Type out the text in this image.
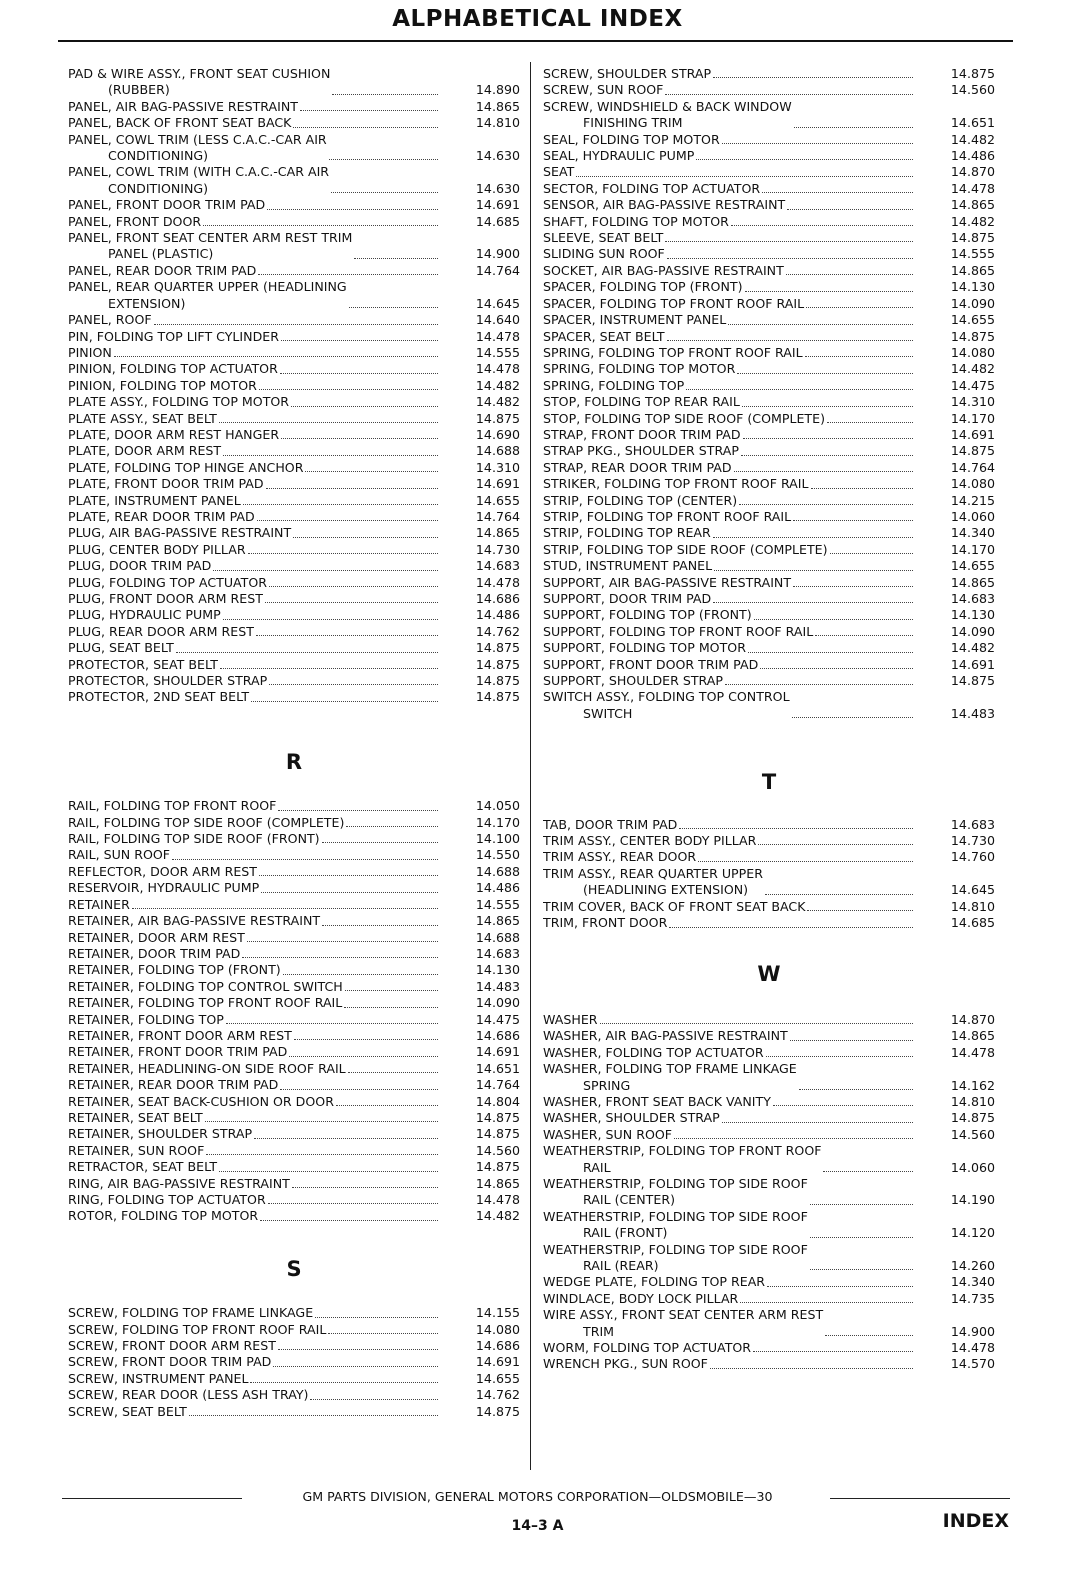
ALPHABETICAL INDEX
PAD & WIRE ASSY., FRONT SEAT CUSHION
(RUBBER)	14.890
PANEL, AIR BAG-PASSIVE RESTRAINT	14.865
PANEL, BACK OF FRONT SEAT BACK	14.810
PANEL, COWL TRIM (LESS C.A.C.-CAR AIR
CONDITIONING)	14.630
PANEL, COWL TRIM (WITH C.A.C.-CAR AIR
CONDITIONING)	14.630
PANEL, FRONT DOOR TRIM PAD	14.691
PANEL, FRONT DOOR	14.685
PANEL, FRONT SEAT CENTER ARM REST TRIM
PANEL (PLASTIC)	14.900
PANEL, REAR DOOR TRIM PAD	14.764
PANEL, REAR QUARTER UPPER (HEADLINING
EXTENSION)	14.645
PANEL, ROOF	14.640
PIN, FOLDING TOP LIFT CYLINDER	14.478
PINION	14.555
PINION, FOLDING TOP ACTUATOR	14.478
PINION, FOLDING TOP MOTOR	14.482
PLATE ASSY., FOLDING TOP MOTOR	14.482
PLATE ASSY., SEAT BELT	14.875
PLATE, DOOR ARM REST HANGER	14.690
PLATE, DOOR ARM REST	14.688
PLATE, FOLDING TOP HINGE ANCHOR	14.310
PLATE, FRONT DOOR TRIM PAD	14.691
PLATE, INSTRUMENT PANEL	14.655
PLATE, REAR DOOR TRIM PAD	14.764
PLUG, AIR BAG-PASSIVE RESTRAINT	14.865
PLUG, CENTER BODY PILLAR	14.730
PLUG, DOOR TRIM PAD	14.683
PLUG, FOLDING TOP ACTUATOR	14.478
PLUG, FRONT DOOR ARM REST	14.686
PLUG, HYDRAULIC PUMP	14.486
PLUG, REAR DOOR ARM REST	14.762
PLUG, SEAT BELT	14.875
PROTECTOR, SEAT BELT	14.875
PROTECTOR, SHOULDER STRAP	14.875
PROTECTOR, 2ND SEAT BELT	14.875
R
RAIL, FOLDING TOP FRONT ROOF	14.050
RAIL, FOLDING TOP SIDE ROOF (COMPLETE)	14.170
RAIL, FOLDING TOP SIDE ROOF (FRONT)	14.100
RAIL, SUN ROOF	14.550
REFLECTOR, DOOR ARM REST	14.688
RESERVOIR, HYDRAULIC PUMP	14.486
RETAINER	14.555
RETAINER, AIR BAG-PASSIVE RESTRAINT	14.865
RETAINER, DOOR ARM REST	14.688
RETAINER, DOOR TRIM PAD	14.683
RETAINER, FOLDING TOP (FRONT)	14.130
RETAINER, FOLDING TOP CONTROL SWITCH	14.483
RETAINER, FOLDING TOP FRONT ROOF RAIL	14.090
RETAINER, FOLDING TOP	14.475
RETAINER, FRONT DOOR ARM REST	14.686
RETAINER, FRONT DOOR TRIM PAD	14.691
RETAINER, HEADLINING-ON SIDE ROOF RAIL	14.651
RETAINER, REAR DOOR TRIM PAD	14.764
RETAINER, SEAT BACK-CUSHION OR DOOR	14.804
RETAINER, SEAT BELT	14.875
RETAINER, SHOULDER STRAP	14.875
RETAINER, SUN ROOF	14.560
RETRACTOR, SEAT BELT	14.875
RING, AIR BAG-PASSIVE RESTRAINT	14.865
RING, FOLDING TOP ACTUATOR	14.478
ROTOR, FOLDING TOP MOTOR	14.482
S
SCREW, FOLDING TOP FRAME LINKAGE	14.155
SCREW, FOLDING TOP FRONT ROOF RAIL	14.080
SCREW, FRONT DOOR ARM REST	14.686
SCREW, FRONT DOOR TRIM PAD	14.691
SCREW, INSTRUMENT PANEL	14.655
SCREW, REAR DOOR (LESS ASH TRAY)	14.762
SCREW, SEAT BELT	14.875
SCREW, SHOULDER STRAP	14.875
SCREW, SUN ROOF	14.560
SCREW, WINDSHIELD & BACK WINDOW
FINISHING TRIM	14.651
SEAL, FOLDING TOP MOTOR	14.482
SEAL, HYDRAULIC PUMP	14.486
SEAT	14.870
SECTOR, FOLDING TOP ACTUATOR	14.478
SENSOR, AIR BAG-PASSIVE RESTRAINT	14.865
SHAFT, FOLDING TOP MOTOR	14.482
SLEEVE, SEAT BELT	14.875
SLIDING SUN ROOF	14.555
SOCKET, AIR BAG-PASSIVE RESTRAINT	14.865
SPACER, FOLDING TOP (FRONT)	14.130
SPACER, FOLDING TOP FRONT ROOF RAIL	14.090
SPACER, INSTRUMENT PANEL	14.655
SPACER, SEAT BELT	14.875
SPRING, FOLDING TOP FRONT ROOF RAIL	14.080
SPRING, FOLDING TOP MOTOR	14.482
SPRING, FOLDING TOP	14.475
STOP, FOLDING TOP REAR RAIL	14.310
STOP, FOLDING TOP SIDE ROOF (COMPLETE)	14.170
STRAP, FRONT DOOR TRIM PAD	14.691
STRAP PKG., SHOULDER STRAP	14.875
STRAP, REAR DOOR TRIM PAD	14.764
STRIKER, FOLDING TOP FRONT ROOF RAIL	14.080
STRIP, FOLDING TOP (CENTER)	14.215
STRIP, FOLDING TOP FRONT ROOF RAIL	14.060
STRIP, FOLDING TOP REAR	14.340
STRIP, FOLDING TOP SIDE ROOF (COMPLETE)	14.170
STUD, INSTRUMENT PANEL	14.655
SUPPORT, AIR BAG-PASSIVE RESTRAINT	14.865
SUPPORT, DOOR TRIM PAD	14.683
SUPPORT, FOLDING TOP (FRONT)	14.130
SUPPORT, FOLDING TOP FRONT ROOF RAIL	14.090
SUPPORT, FOLDING TOP MOTOR	14.482
SUPPORT, FRONT DOOR TRIM PAD	14.691
SUPPORT, SHOULDER STRAP	14.875
SWITCH ASSY., FOLDING TOP CONTROL
SWITCH	14.483
T
TAB, DOOR TRIM PAD	14.683
TRIM ASSY., CENTER BODY PILLAR	14.730
TRIM ASSY., REAR DOOR	14.760
TRIM ASSY., REAR QUARTER UPPER
(HEADLINING EXTENSION)	14.645
TRIM COVER, BACK OF FRONT SEAT BACK	14.810
TRIM, FRONT DOOR	14.685
W
WASHER	14.870
WASHER, AIR BAG-PASSIVE RESTRAINT	14.865
WASHER, FOLDING TOP ACTUATOR	14.478
WASHER, FOLDING TOP FRAME LINKAGE
SPRING	14.162
WASHER, FRONT SEAT BACK VANITY	14.810
WASHER, SHOULDER STRAP	14.875
WASHER, SUN ROOF	14.560
WEATHERSTRIP, FOLDING TOP FRONT ROOF
RAIL	14.060
WEATHERSTRIP, FOLDING TOP SIDE ROOF
RAIL (CENTER)	14.190
WEATHERSTRIP, FOLDING TOP SIDE ROOF
RAIL (FRONT)	14.120
WEATHERSTRIP, FOLDING TOP SIDE ROOF
RAIL (REAR)	14.260
WEDGE PLATE, FOLDING TOP REAR	14.340
WINDLACE, BODY LOCK PILLAR	14.735
WIRE ASSY., FRONT SEAT CENTER ARM REST
TRIM	14.900
WORM, FOLDING TOP ACTUATOR	14.478
WRENCH PKG., SUN ROOF	14.570
GM PARTS DIVISION, GENERAL MOTORS CORPORATION—OLDSMOBILE—30
14–3 A	INDEX
